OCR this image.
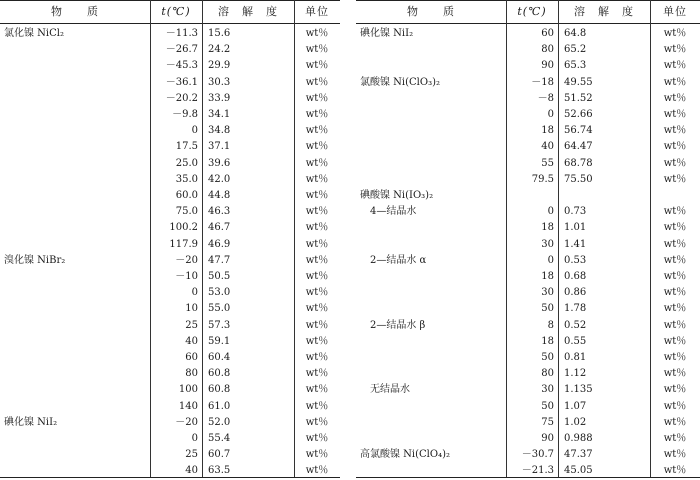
物　　质	t(℃)	溶　解　度	单位
氯化镍 NiCl₂	－11.3 15.6	wt％
－26.7 24.2	wt％
－45.3 29.9	wt％
－36.1 30.3	wt％
－20.2 33.9	wt％
－9.8 34.1	wt％
0 34.8	wt％
17.5 37.1	wt％
25.0 39.6	wt％
35.0 42.0	wt％
60.0 44.8	wt％
75.0 46.3	wt％
100.2 46.7	wt％
117.9 46.9	wt％
溴化镍 NiBr₂	－20 47.7	wt％
－10 50.5	wt％
0 53.0	wt％
10 55.0	wt％
25 57.3	wt％
40 59.1	wt％
60 60.4	wt％
80 60.8	wt％
100 60.8	wt％
140 61.0	wt％
碘化镍 NiI₂	－20 52.0	wt％
0 55.4	wt％
25 60.7	wt％
40 63.5	wt％
物　　质	t(℃)	溶　解　度	单位
碘化镍 NiI₂	60 64.8	wt％
80 65.2	wt％
90 65.3	wt％
氯酸镍 Ni(ClO₃)₂	－18 49.55	wt％
－8 51.52	wt％
0 52.66	wt％
18 56.74	wt％
40 64.47	wt％
55 68.78	wt％
79.5 75.50	wt％
碘酸镍 Ni(IO₃)₂
　4—结晶水	0 0.73	wt％
18 1.01	wt％
30 1.41	wt％
　2—结晶水 α	0 0.53	wt％
18 0.68	wt％
30 0.86	wt％
50 1.78	wt％
　2—结晶水 β	8 0.52	wt％
18 0.55	wt％
50 0.81	wt％
80 1.12	wt％
　无结晶水	30 1.135	wt％
50 1.07	wt％
75 1.02	wt％
90 0.988	wt％
高氯酸镍 Ni(ClO₄)₂	－30.7 47.37	wt％
－21.3 45.05	wt％
